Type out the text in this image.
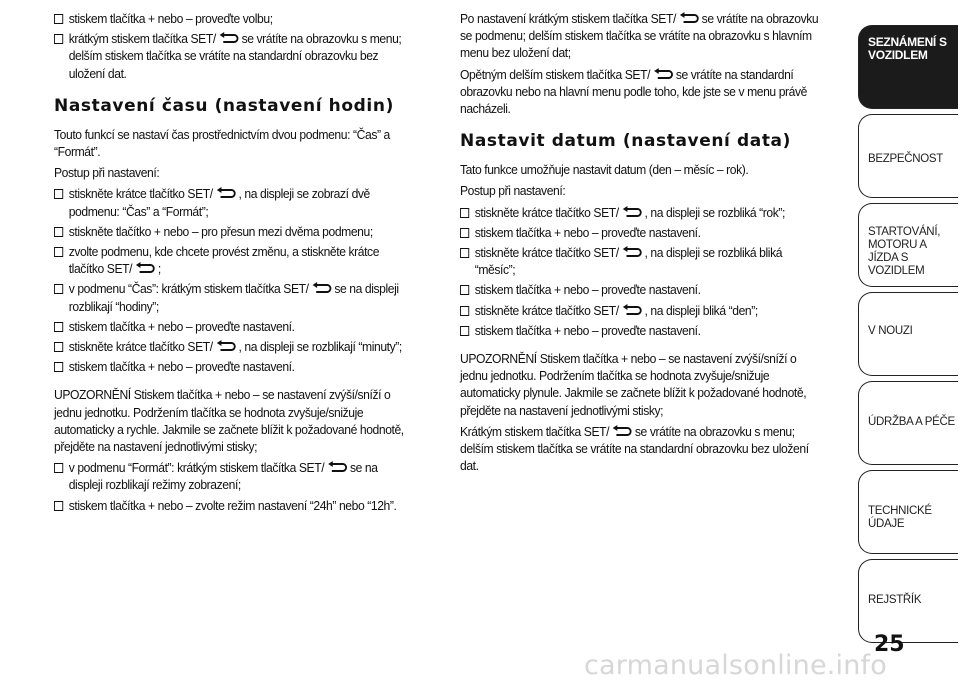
stiskem tlačítka + nebo – proveďte volbu;
krátkým stiskem tlačítka SET/ se vrátíte na obrazovku s menu;
delším stiskem tlačítka se vrátíte na standardní obrazovku bez
uložení dat.
Nastavení času (nastavení hodin)
Touto funkcí se nastaví čas prostřednictvím dvou podmenu: “Čas” a
“Formát”.
Postup při nastavení:
stiskněte krátce tlačítko SET/ , na displeji se zobrazí dvě
podmenu: “Čas” a “Formát”;
stiskněte tlačítko + nebo – pro přesun mezi dvěma podmenu;
zvolte podmenu, kde chcete provést změnu, a stiskněte krátce
tlačítko SET/ ;
v podmenu “Čas”: krátkým stiskem tlačítka SET/ se na displeji
rozblikají “hodiny”;
stiskem tlačítka + nebo – proveďte nastavení.
stiskněte krátce tlačítko SET/ , na displeji se rozblikají “minuty”;
stiskem tlačítka + nebo – proveďte nastavení.
UPOZORNĚNÍ Stiskem tlačítka + nebo – se nastavení zvýší/sníží o
jednu jednotku. Podržením tlačítka se hodnota zvyšuje/snižuje
automaticky a rychle. Jakmile se začnete blížit k požadované hodnotě,
přejděte na nastavení jednotlivými stisky;
v podmenu “Formát”: krátkým stiskem tlačítka SET/ se na
displeji rozblikají režimy zobrazení;
stiskem tlačítka + nebo – zvolte režim nastavení “24h” nebo “12h”.
Po nastavení krátkým stiskem tlačítka SET/ se vrátíte na obrazovku
se podmenu; delším stiskem tlačítka se vrátíte na obrazovku s hlavním
menu bez uložení dat;
Opětným delším stiskem tlačítka SET/ se vrátíte na standardní
obrazovku nebo na hlavní menu podle toho, kde jste se v menu právě
nacházeli.
Nastavit datum (nastavení data)
Tato funkce umožňuje nastavit datum (den – měsíc – rok).
Postup při nastavení:
stiskněte krátce tlačítko SET/ , na displeji se rozbliká “rok”;
stiskem tlačítka + nebo – proveďte nastavení.
stiskněte krátce tlačítko SET/ , na displeji se rozbliká bliká
“měsíc”;
stiskem tlačítka + nebo – proveďte nastavení.
stiskněte krátce tlačítko SET/ , na displeji bliká “den”;
stiskem tlačítka + nebo – proveďte nastavení.
UPOZORNĚNÍ Stiskem tlačítka + nebo – se nastavení zvýší/sníží o
jednu jednotku. Podržením tlačítka se hodnota zvyšuje/snižuje
automaticky plynule. Jakmile se začnete blížit k požadované hodnotě,
přejděte na nastavení jednotlivými stisky;
Krátkým stiskem tlačítka SET/ se vrátíte na obrazovku s menu;
delším stiskem tlačítka se vrátíte na standardní obrazovku bez uložení
dat.
SEZNÁMENÍ S
VOZIDLEM
BEZPEČNOST
STARTOVÁNÍ,
MOTORU A JÍZDA S
VOZIDLEM
V NOUZI
ÚDRŽBA A PÉČE
TECHNICKÉ ÚDAJE
REJSTŘÍK
25
carmanualsonline.info
